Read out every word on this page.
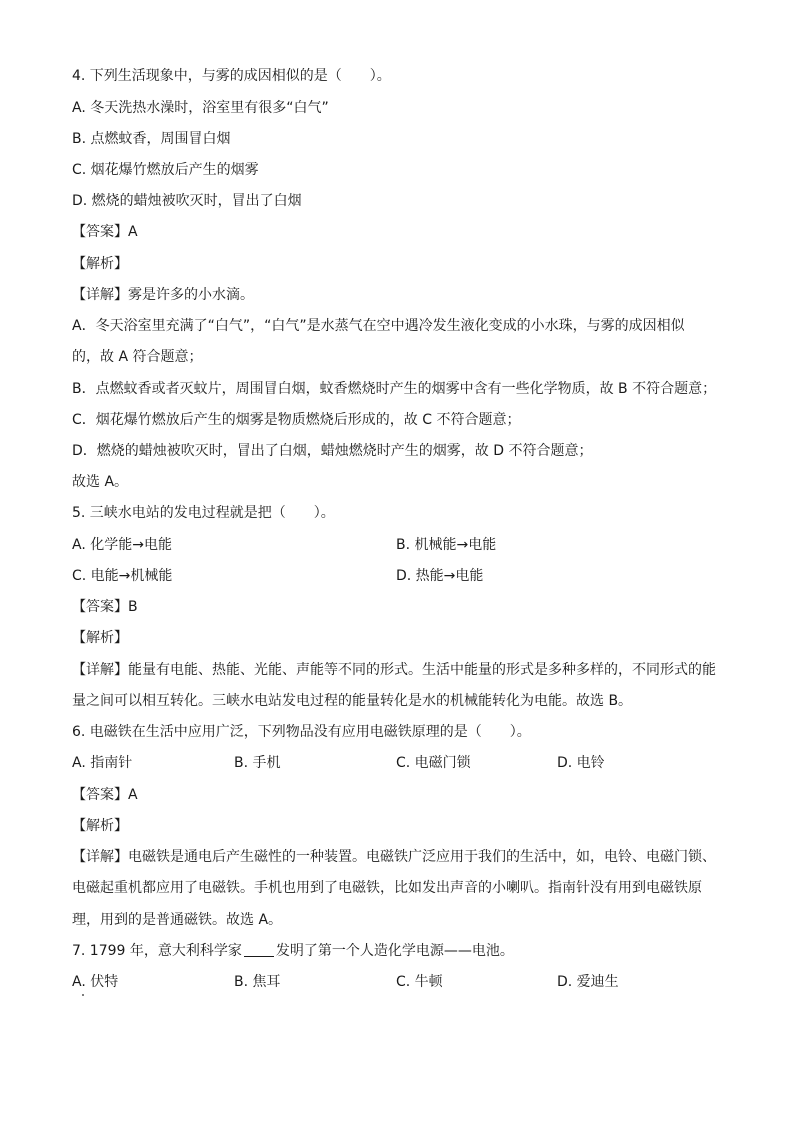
4. 下列生活现象中，与雾的成因相似的是（　　）。
A. 冬天洗热水澡时，浴室里有很多“白气”
B. 点燃蚊香，周围冒白烟
C. 烟花爆竹燃放后产生的烟雾
D. 燃烧的蜡烛被吹灭时，冒出了白烟
【答案】A
【解析】
【详解】雾是许多的小水滴。
A．冬天浴室里充满了“白气”，“白气”是水蒸气在空中遇冷发生液化变成的小水珠，与雾的成因相似
的，故 A 符合题意；
B．点燃蚊香或者灭蚊片，周围冒白烟，蚊香燃烧时产生的烟雾中含有一些化学物质，故 B 不符合题意；
C．烟花爆竹燃放后产生的烟雾是物质燃烧后形成的，故 C 不符合题意；
D．燃烧的蜡烛被吹灭时，冒出了白烟，蜡烛燃烧时产生的烟雾，故 D 不符合题意；
故选 A。
5. 三峡水电站的发电过程就是把（　　）。
A. 化学能→电能	B. 机械能→电能
C. 电能→机械能	D. 热能→电能
【答案】B
【解析】
【详解】能量有电能、热能、光能、声能等不同的形式。生活中能量的形式是多种多样的，不同形式的能
量之间可以相互转化。三峡水电站发电过程的能量转化是水的机械能转化为电能。故选 B。
6. 电磁铁在生活中应用广泛，下列物品没有应用电磁铁原理的是（　　）。
A. 指南针	B. 手机	C. 电磁门锁	D. 电铃
【答案】A
【解析】
【详解】电磁铁是通电后产生磁性的一种装置。电磁铁广泛应用于我们的生活中，如，电铃、电磁门锁、
电磁起重机都应用了电磁铁。手机也用到了电磁铁，比如发出声音的小喇叭。指南针没有用到电磁铁原
理，用到的是普通磁铁。故选 A。
7. 1799 年，意大利科学家 发明了第一个人造化学电源——电池。
A. 伏特	B. 焦耳	C. 牛顿	D. 爱迪生
